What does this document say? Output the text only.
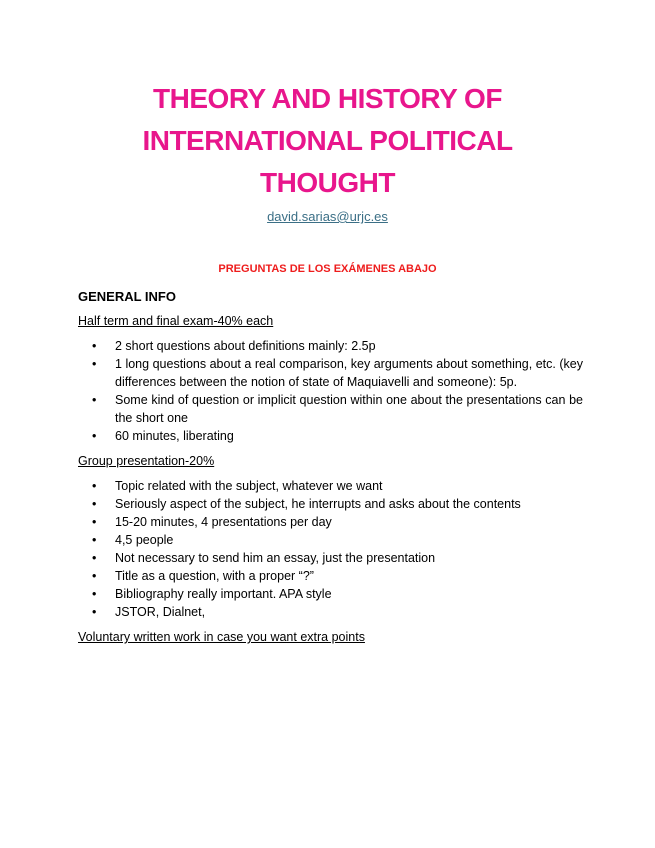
THEORY AND HISTORY OF
INTERNATIONAL POLITICAL
THOUGHT
david.sarias@urjc.es
PREGUNTAS DE LOS EXÁMENES ABAJO
GENERAL INFO
Half term and final exam-40% each
• 2 short questions about definitions mainly: 2.5p
• 1 long questions about a real comparison, key arguments about something, etc. (key differences between the notion of state of Maquiavelli and someone): 5p.
• Some kind of question or implicit question within one about the presentations can be the short one
• 60 minutes, liberating
Group presentation-20%
• Topic related with the subject, whatever we want
• Seriously aspect of the subject, he interrupts and asks about the contents
• 15-20 minutes, 4 presentations per day
• 4,5 people
• Not necessary to send him an essay, just the presentation
• Title as a question, with a proper “?”
• Bibliography really important. APA style
• JSTOR, Dialnet,
Voluntary written work in case you want extra points
